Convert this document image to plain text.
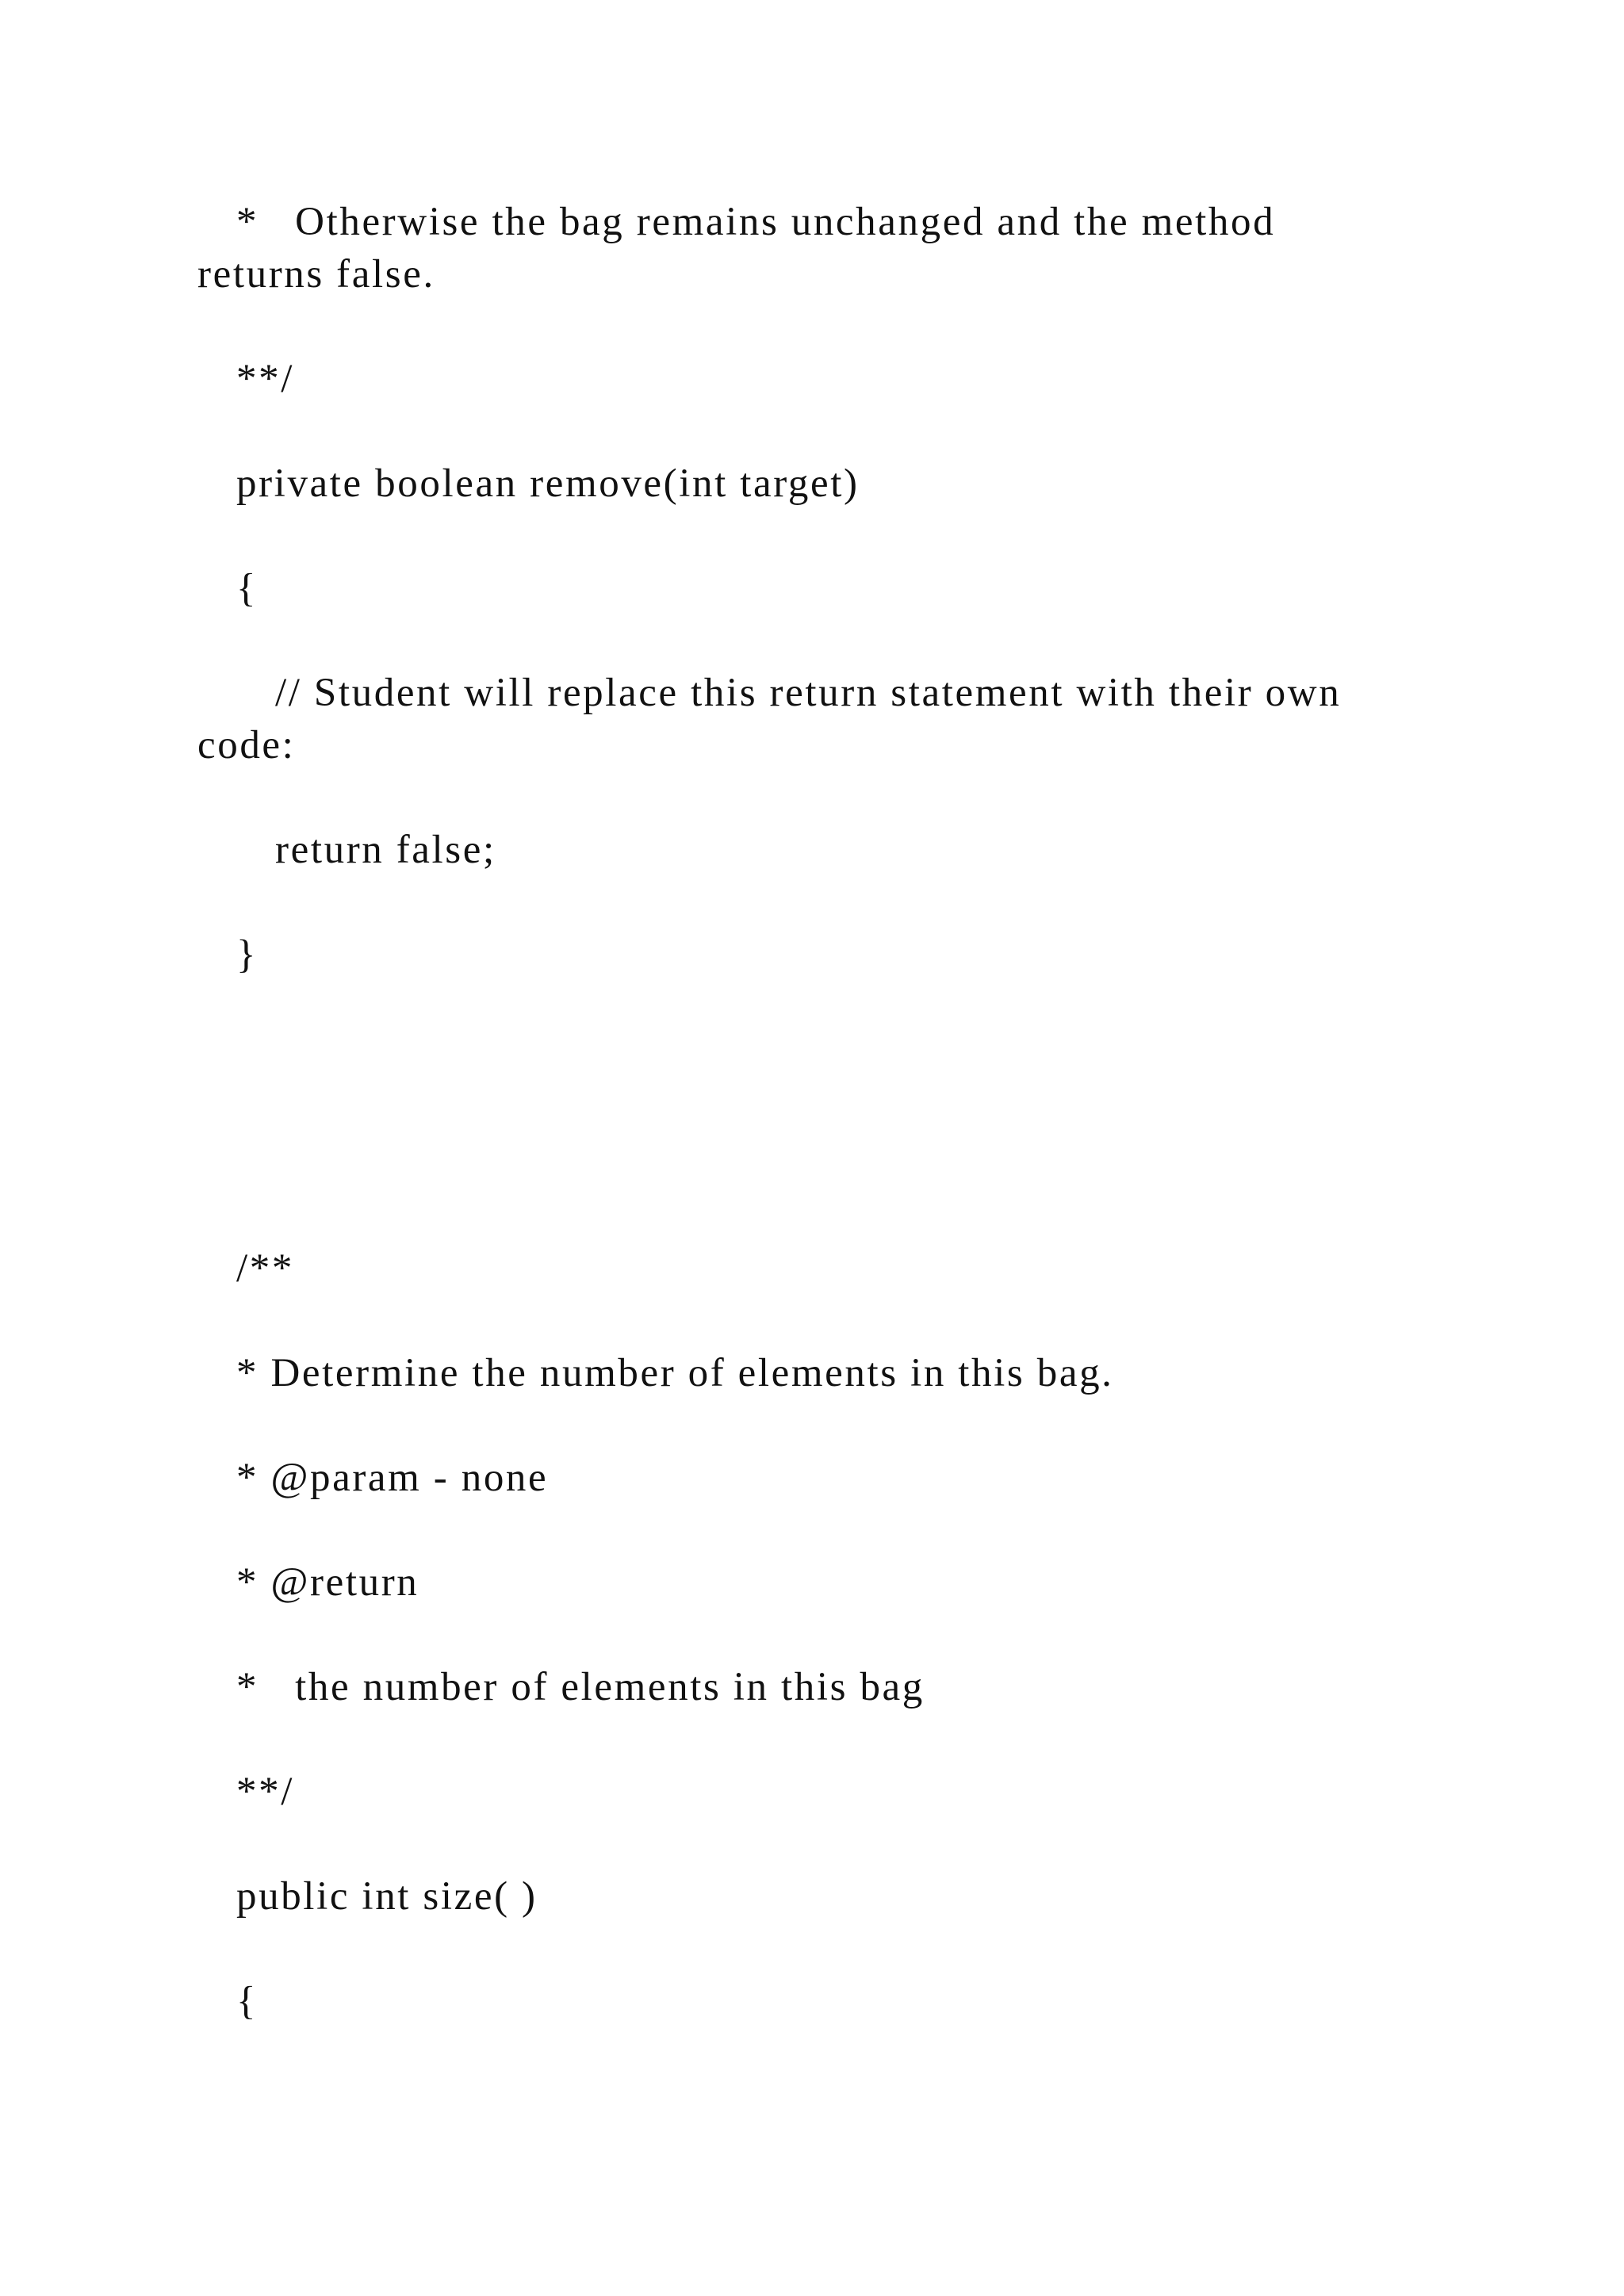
*   Otherwise the bag remains unchanged and the method

returns false.

**/

private boolean remove(int target)

{

// Student will replace this return statement with their own

code:

return false;

}

/**

* Determine the number of elements in this bag.

* @param - none

* @return

*   the number of elements in this bag

**/

public int size( )

{
